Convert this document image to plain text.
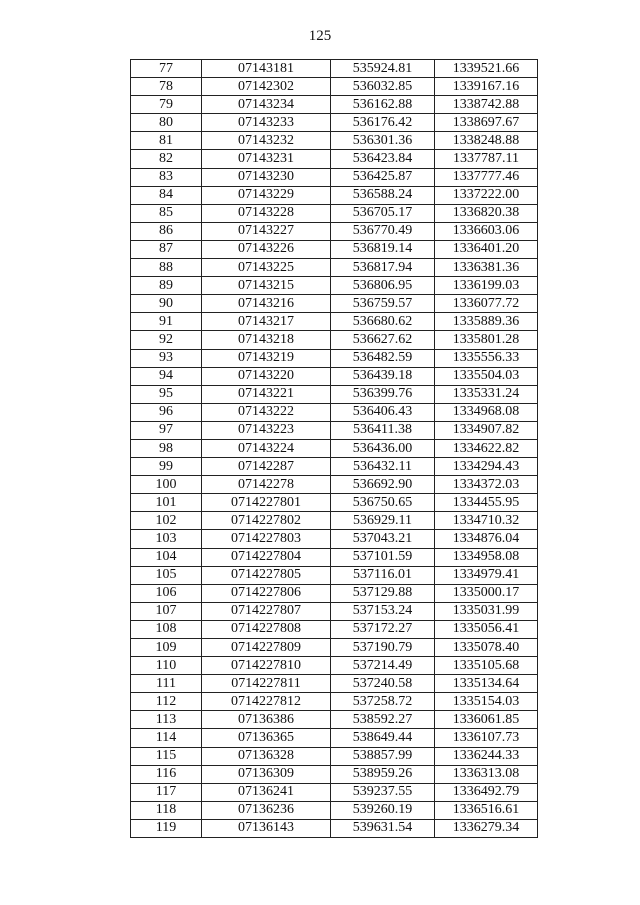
125
77	07143181	535924.81	1339521.66
78	07142302	536032.85	1339167.16
79	07143234	536162.88	1338742.88
80	07143233	536176.42	1338697.67
81	07143232	536301.36	1338248.88
82	07143231	536423.84	1337787.11
83	07143230	536425.87	1337777.46
84	07143229	536588.24	1337222.00
85	07143228	536705.17	1336820.38
86	07143227	536770.49	1336603.06
87	07143226	536819.14	1336401.20
88	07143225	536817.94	1336381.36
89	07143215	536806.95	1336199.03
90	07143216	536759.57	1336077.72
91	07143217	536680.62	1335889.36
92	07143218	536627.62	1335801.28
93	07143219	536482.59	1335556.33
94	07143220	536439.18	1335504.03
95	07143221	536399.76	1335331.24
96	07143222	536406.43	1334968.08
97	07143223	536411.38	1334907.82
98	07143224	536436.00	1334622.82
99	07142287	536432.11	1334294.43
100	07142278	536692.90	1334372.03
101	0714227801	536750.65	1334455.95
102	0714227802	536929.11	1334710.32
103	0714227803	537043.21	1334876.04
104	0714227804	537101.59	1334958.08
105	0714227805	537116.01	1334979.41
106	0714227806	537129.88	1335000.17
107	0714227807	537153.24	1335031.99
108	0714227808	537172.27	1335056.41
109	0714227809	537190.79	1335078.40
110	0714227810	537214.49	1335105.68
111	0714227811	537240.58	1335134.64
112	0714227812	537258.72	1335154.03
113	07136386	538592.27	1336061.85
114	07136365	538649.44	1336107.73
115	07136328	538857.99	1336244.33
116	07136309	538959.26	1336313.08
117	07136241	539237.55	1336492.79
118	07136236	539260.19	1336516.61
119	07136143	539631.54	1336279.34
